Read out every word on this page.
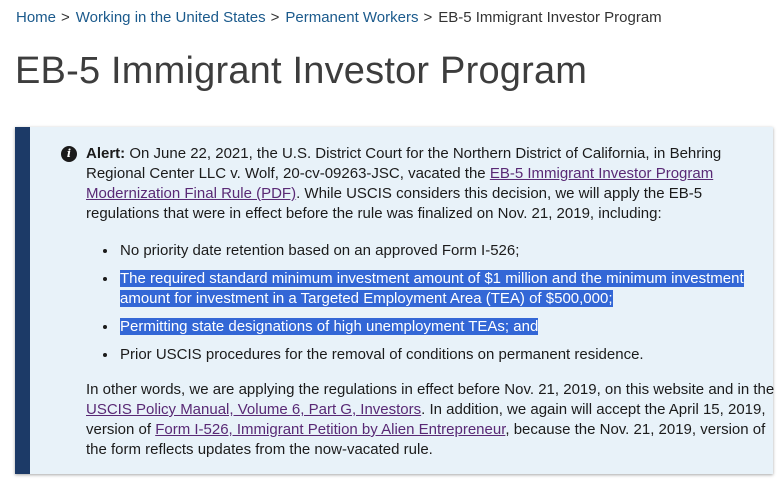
Home > Working in the United States > Permanent Workers > EB-5 Immigrant Investor Program
EB-5 Immigrant Investor Program
i Alert: On June 22, 2021, the U.S. District Court for the Northern District of California, in Behring Regional Center LLC v. Wolf, 20-cv-09263-JSC, vacated the EB-5 Immigrant Investor Program Modernization Final Rule (PDF). While USCIS considers this decision, we will apply the EB-5 regulations that were in effect before the rule was finalized on Nov. 21, 2019, including:

• No priority date retention based on an approved Form I-526;
• The required standard minimum investment amount of $1 million and the minimum investment amount for investment in a Targeted Employment Area (TEA) of $500,000;
• Permitting state designations of high unemployment TEAs; and
• Prior USCIS procedures for the removal of conditions on permanent residence.

In other words, we are applying the regulations in effect before Nov. 21, 2019, on this website and in the USCIS Policy Manual, Volume 6, Part G, Investors. In addition, we again will accept the April 15, 2019, version of Form I-526, Immigrant Petition by Alien Entrepreneur, because the Nov. 21, 2019, version of the form reflects updates from the now-vacated rule.
